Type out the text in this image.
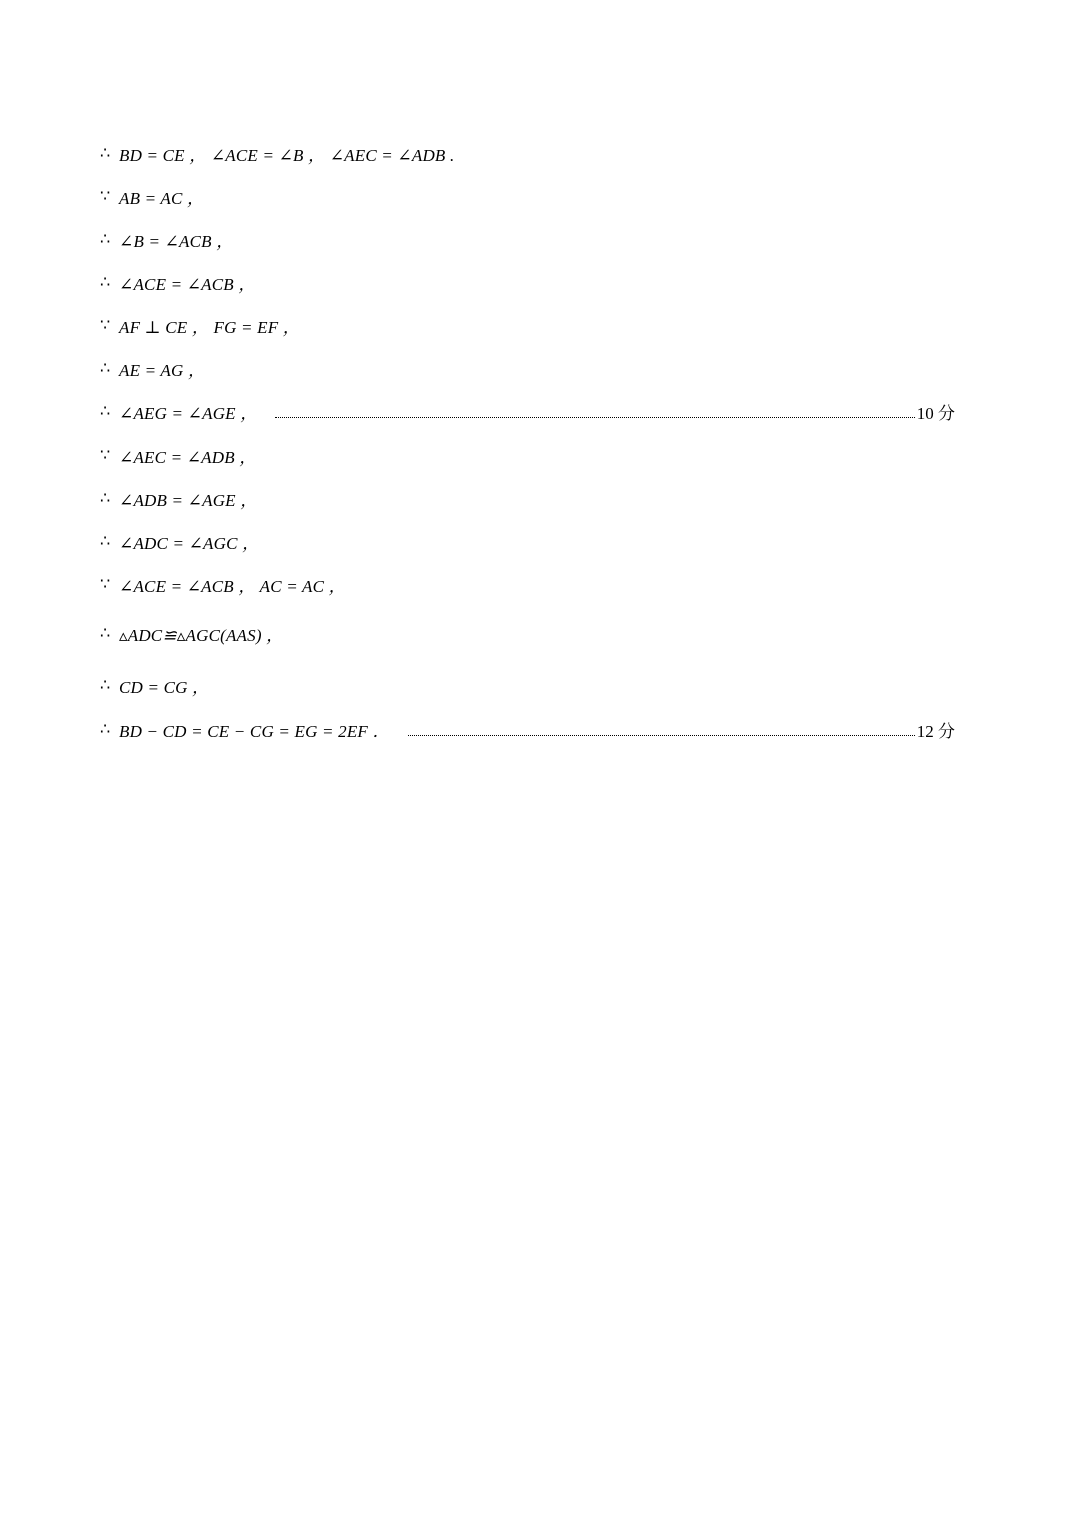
∴ BD = CE ， ∠ACE = ∠B ， ∠AEC = ∠ADB .
∵ AB = AC ，
∴ ∠B = ∠ACB ，
∴ ∠ACE = ∠ACB ，
∵ AF ⊥ CE ， FG = EF ，
∴ AE = AG ，
∴ ∠AEG = ∠AGE ，	10 分
∵ ∠AEC = ∠ADB ，
∴ ∠ADB = ∠AGE ，
∴ ∠ADC = ∠AGC ，
∵ ∠ACE = ∠ACB ， AC = AC ，
∴ ▵ADC≌▵AGC(AAS) ，
∴ CD = CG ，
∴ BD − CD = CE − CG = EG = 2EF ．	12 分
